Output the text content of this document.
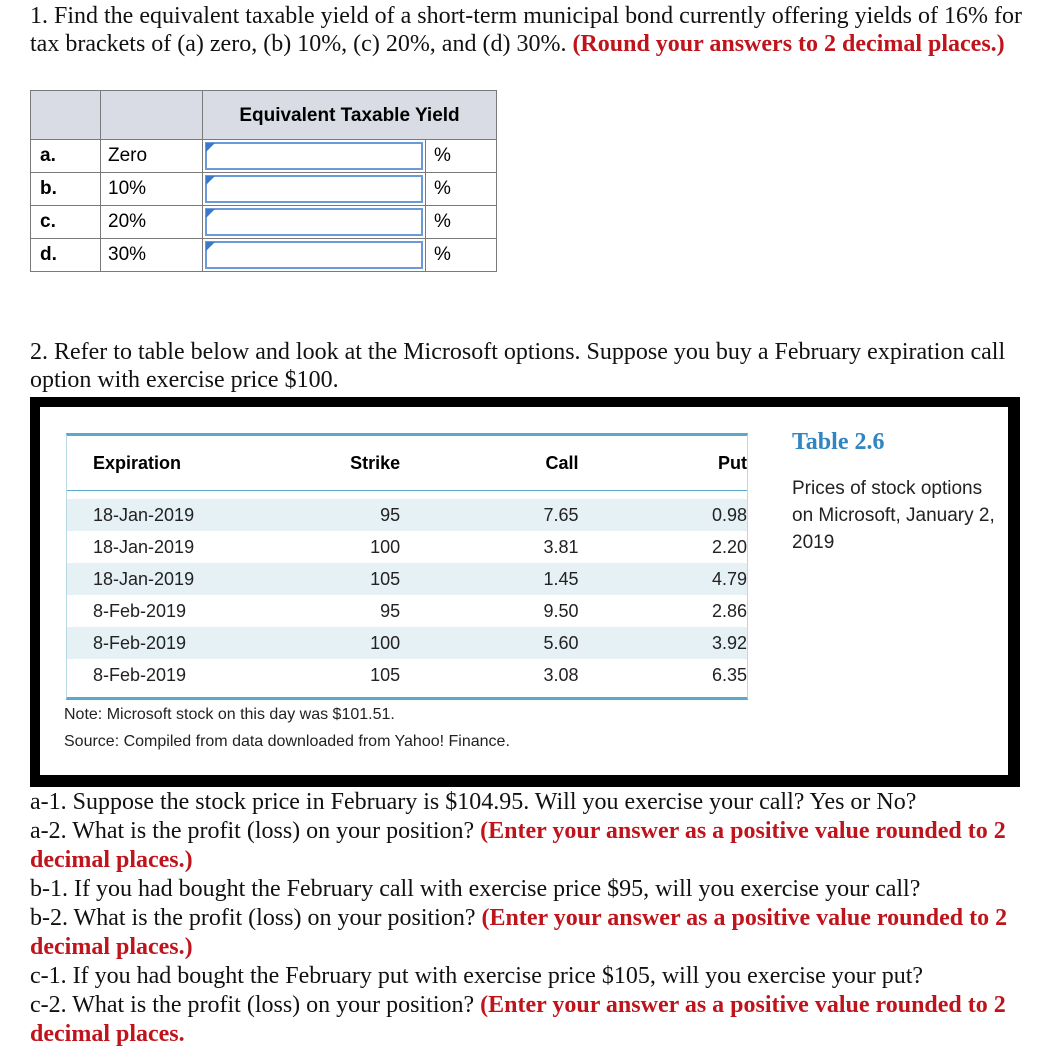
1. Find the equivalent taxable yield of a short-term municipal bond currently offering yields of 16% for tax brackets of (a) zero, (b) 10%, (c) 20%, and (d) 30%. (Round your answers to 2 decimal places.)

		Equivalent Taxable Yield	

a.	Zero		%
b.	10%		%
c.	20%		%
d.	30%		%
2. Refer to table below and look at the Microsoft options. Suppose you buy a February expiration call option with exercise price $100.
Expiration	Strike	Call	Put
18-Jan-2019	95	7.65	0.98
18-Jan-2019	100	3.81	2.20
18-Jan-2019	105	1.45	4.79
8-Feb-2019	95	9.50	2.86
8-Feb-2019	100	5.60	3.92
8-Feb-2019	105	3.08	6.35
Table 2.6
Prices of stock options on Microsoft, January 2, 2019
Note: Microsoft stock on this day was $101.51.
Source: Compiled from data downloaded from Yahoo! Finance.

a-1. Suppose the stock price in February is $104.95. Will you exercise your call? Yes or No?

a-2. What is the profit (loss) on your position? (Enter your answer as a positive value rounded to 2 decimal places.)

b-1. If you had bought the February call with exercise price $95, will you exercise your call?

b-2. What is the profit (loss) on your position? (Enter your answer as a positive value rounded to 2 decimal places.)

c-1. If you had bought the February put with exercise price $105, will you exercise your put?

c-2. What is the profit (loss) on your position? (Enter your answer as a positive value rounded to 2 decimal places.
